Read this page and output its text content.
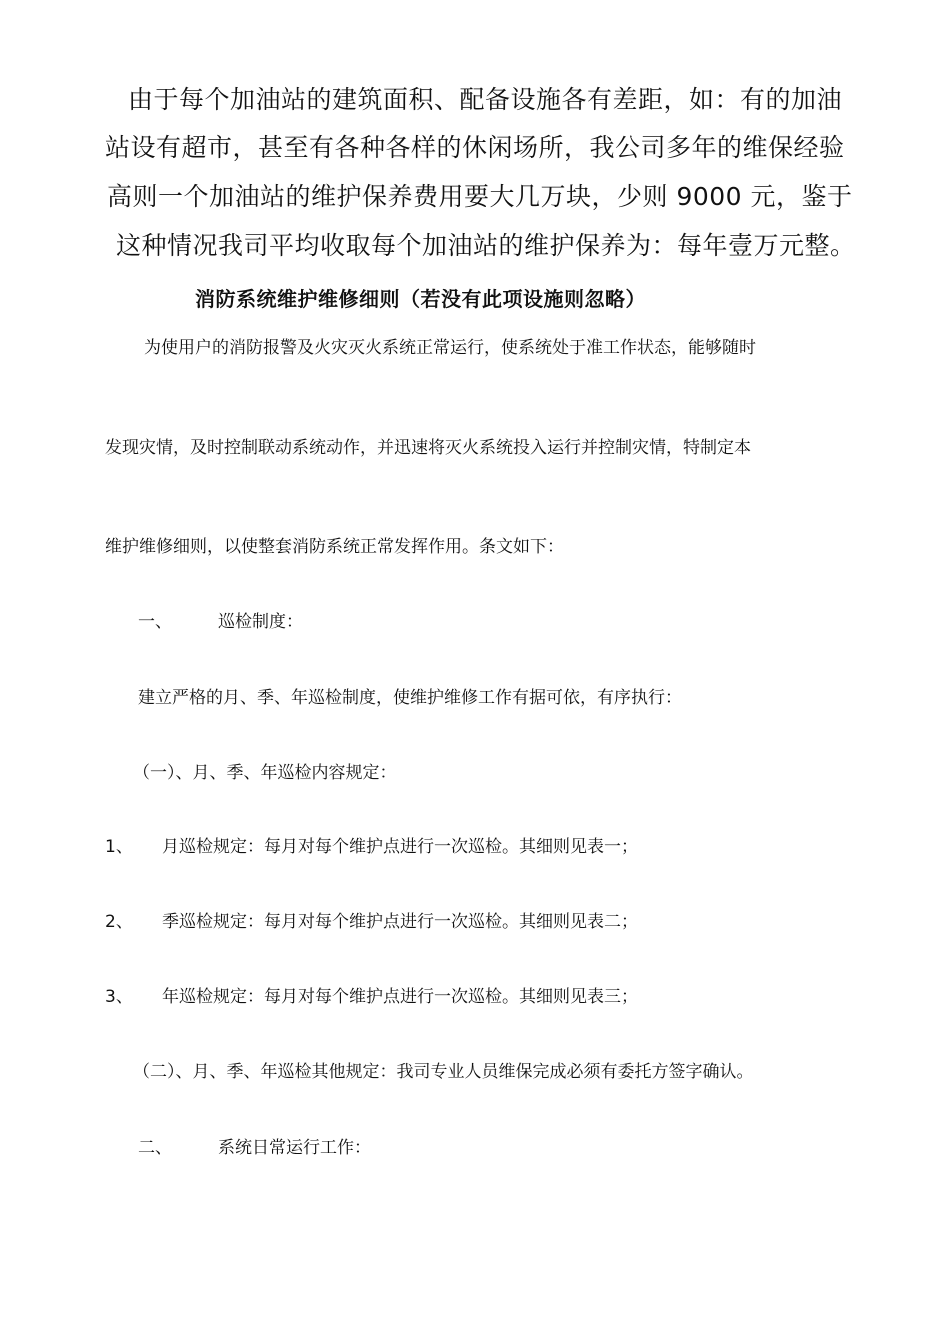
由于每个加油站的建筑面积、配备设施各有差距，如：有的加油

站设有超市，甚至有各种各样的休闲场所，我公司多年的维保经验

高则一个加油站的维护保养费用要大几万块，少则 9000 元，鉴于

这种情况我司平均收取每个加油站的维护保养为：每年壹万元整。

消防系统维护维修细则（若没有此项设施则忽略）

为使用户的消防报警及火灾灭火系统正常运行，使系统处于准工作状态，能够随时

发现灾情，及时控制联动系统动作，并迅速将灭火系统投入运行并控制灾情，特制定本

维护维修细则，以使整套消防系统正常发挥作用。条文如下：

一、	巡检制度：

建立严格的月、季、年巡检制度，使维护维修工作有据可依，有序执行：

（一）、月、季、年巡检内容规定：

1、 月巡检规定：每月对每个维护点进行一次巡检。其细则见表一；

2、 季巡检规定：每月对每个维护点进行一次巡检。其细则见表二；

3、 年巡检规定：每月对每个维护点进行一次巡检。其细则见表三；

（二）、月、季、年巡检其他规定：我司专业人员维保完成必须有委托方签字确认。

二、	系统日常运行工作：
